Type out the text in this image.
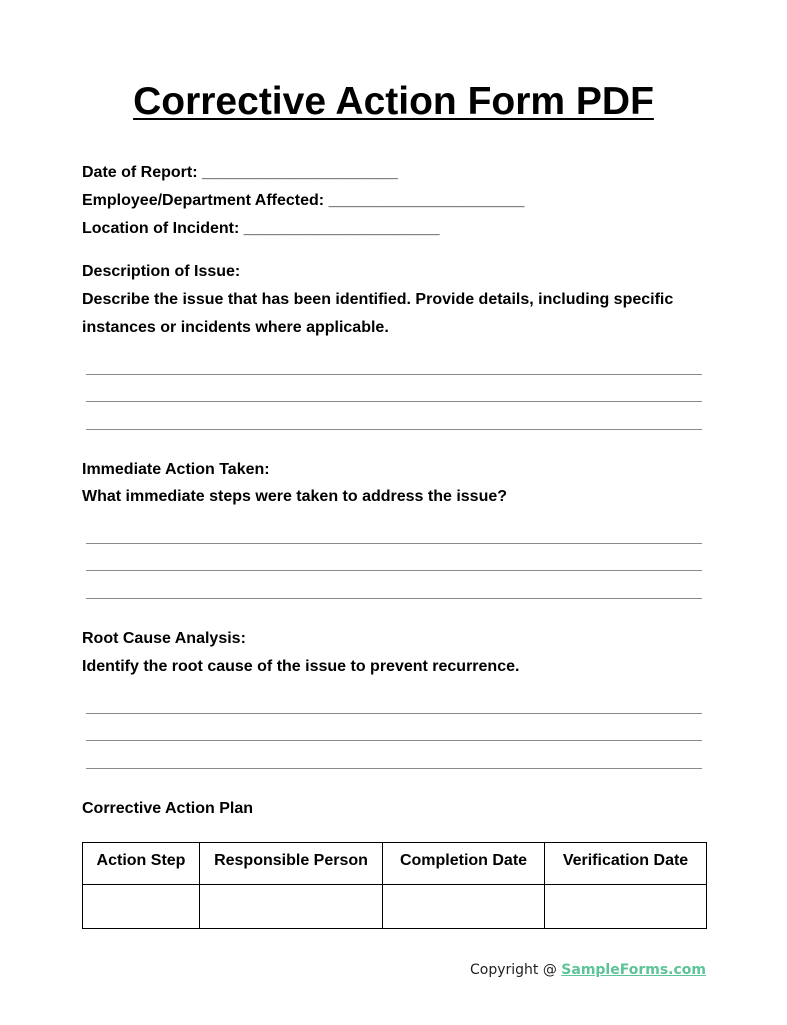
Corrective Action Form PDF
Date of Report: ______________________
Employee/Department Affected: ______________________
Location of Incident: ______________________
Description of Issue:
Describe the issue that has been identified. Provide details, including specific
instances or incidents where applicable.
Immediate Action Taken:
What immediate steps were taken to address the issue?
Root Cause Analysis:
Identify the root cause of the issue to prevent recurrence.
Corrective Action Plan
Action Step	Responsible Person	Completion Date	Verification Date

Copyright @ SampleForms.com
